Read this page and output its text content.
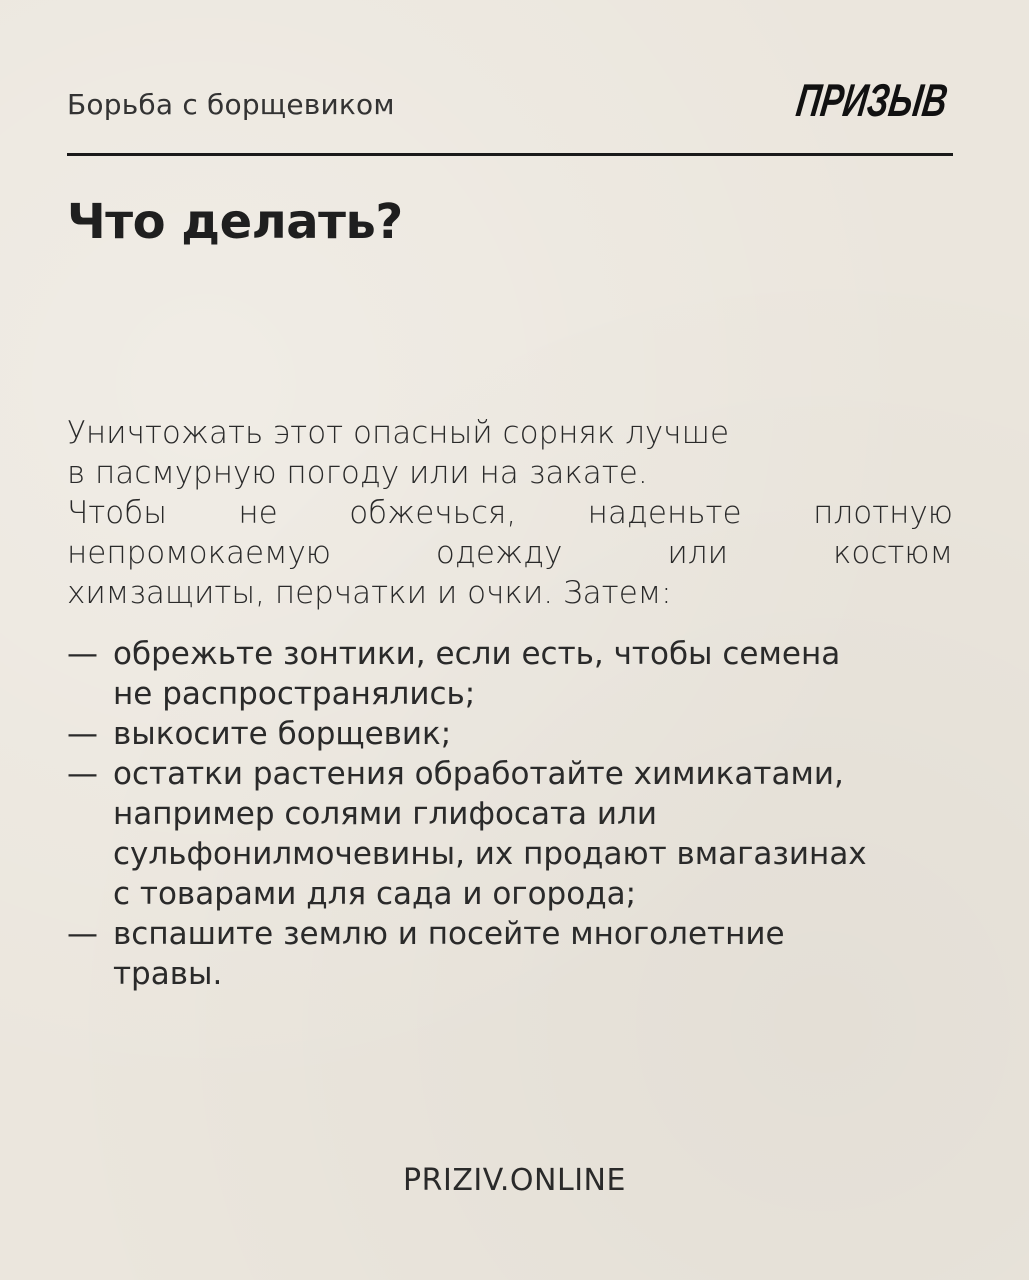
Борьба с борщевиком	ПРИЗЫВ
Что делать?
Уничтожать этот опасный сорняк лучше
в пасмурную погоду или на закате.
Чтобы не обжечься, наденьте плотную
непромокаемую	одежду	или	костюм
химзащиты, перчатки и очки. Затем:
— обрежьте зонтики, если есть, чтобы семена
не распространялись;
— выкосите борщевик;
— остатки растения обработайте химикатами,
например солями глифосата или
сульфонилмочевины, их продают вмагазинах
с товарами для сада и огорода;
— вспашите землю и посейте многолетние
травы.
PRIZIV.ONLINE
